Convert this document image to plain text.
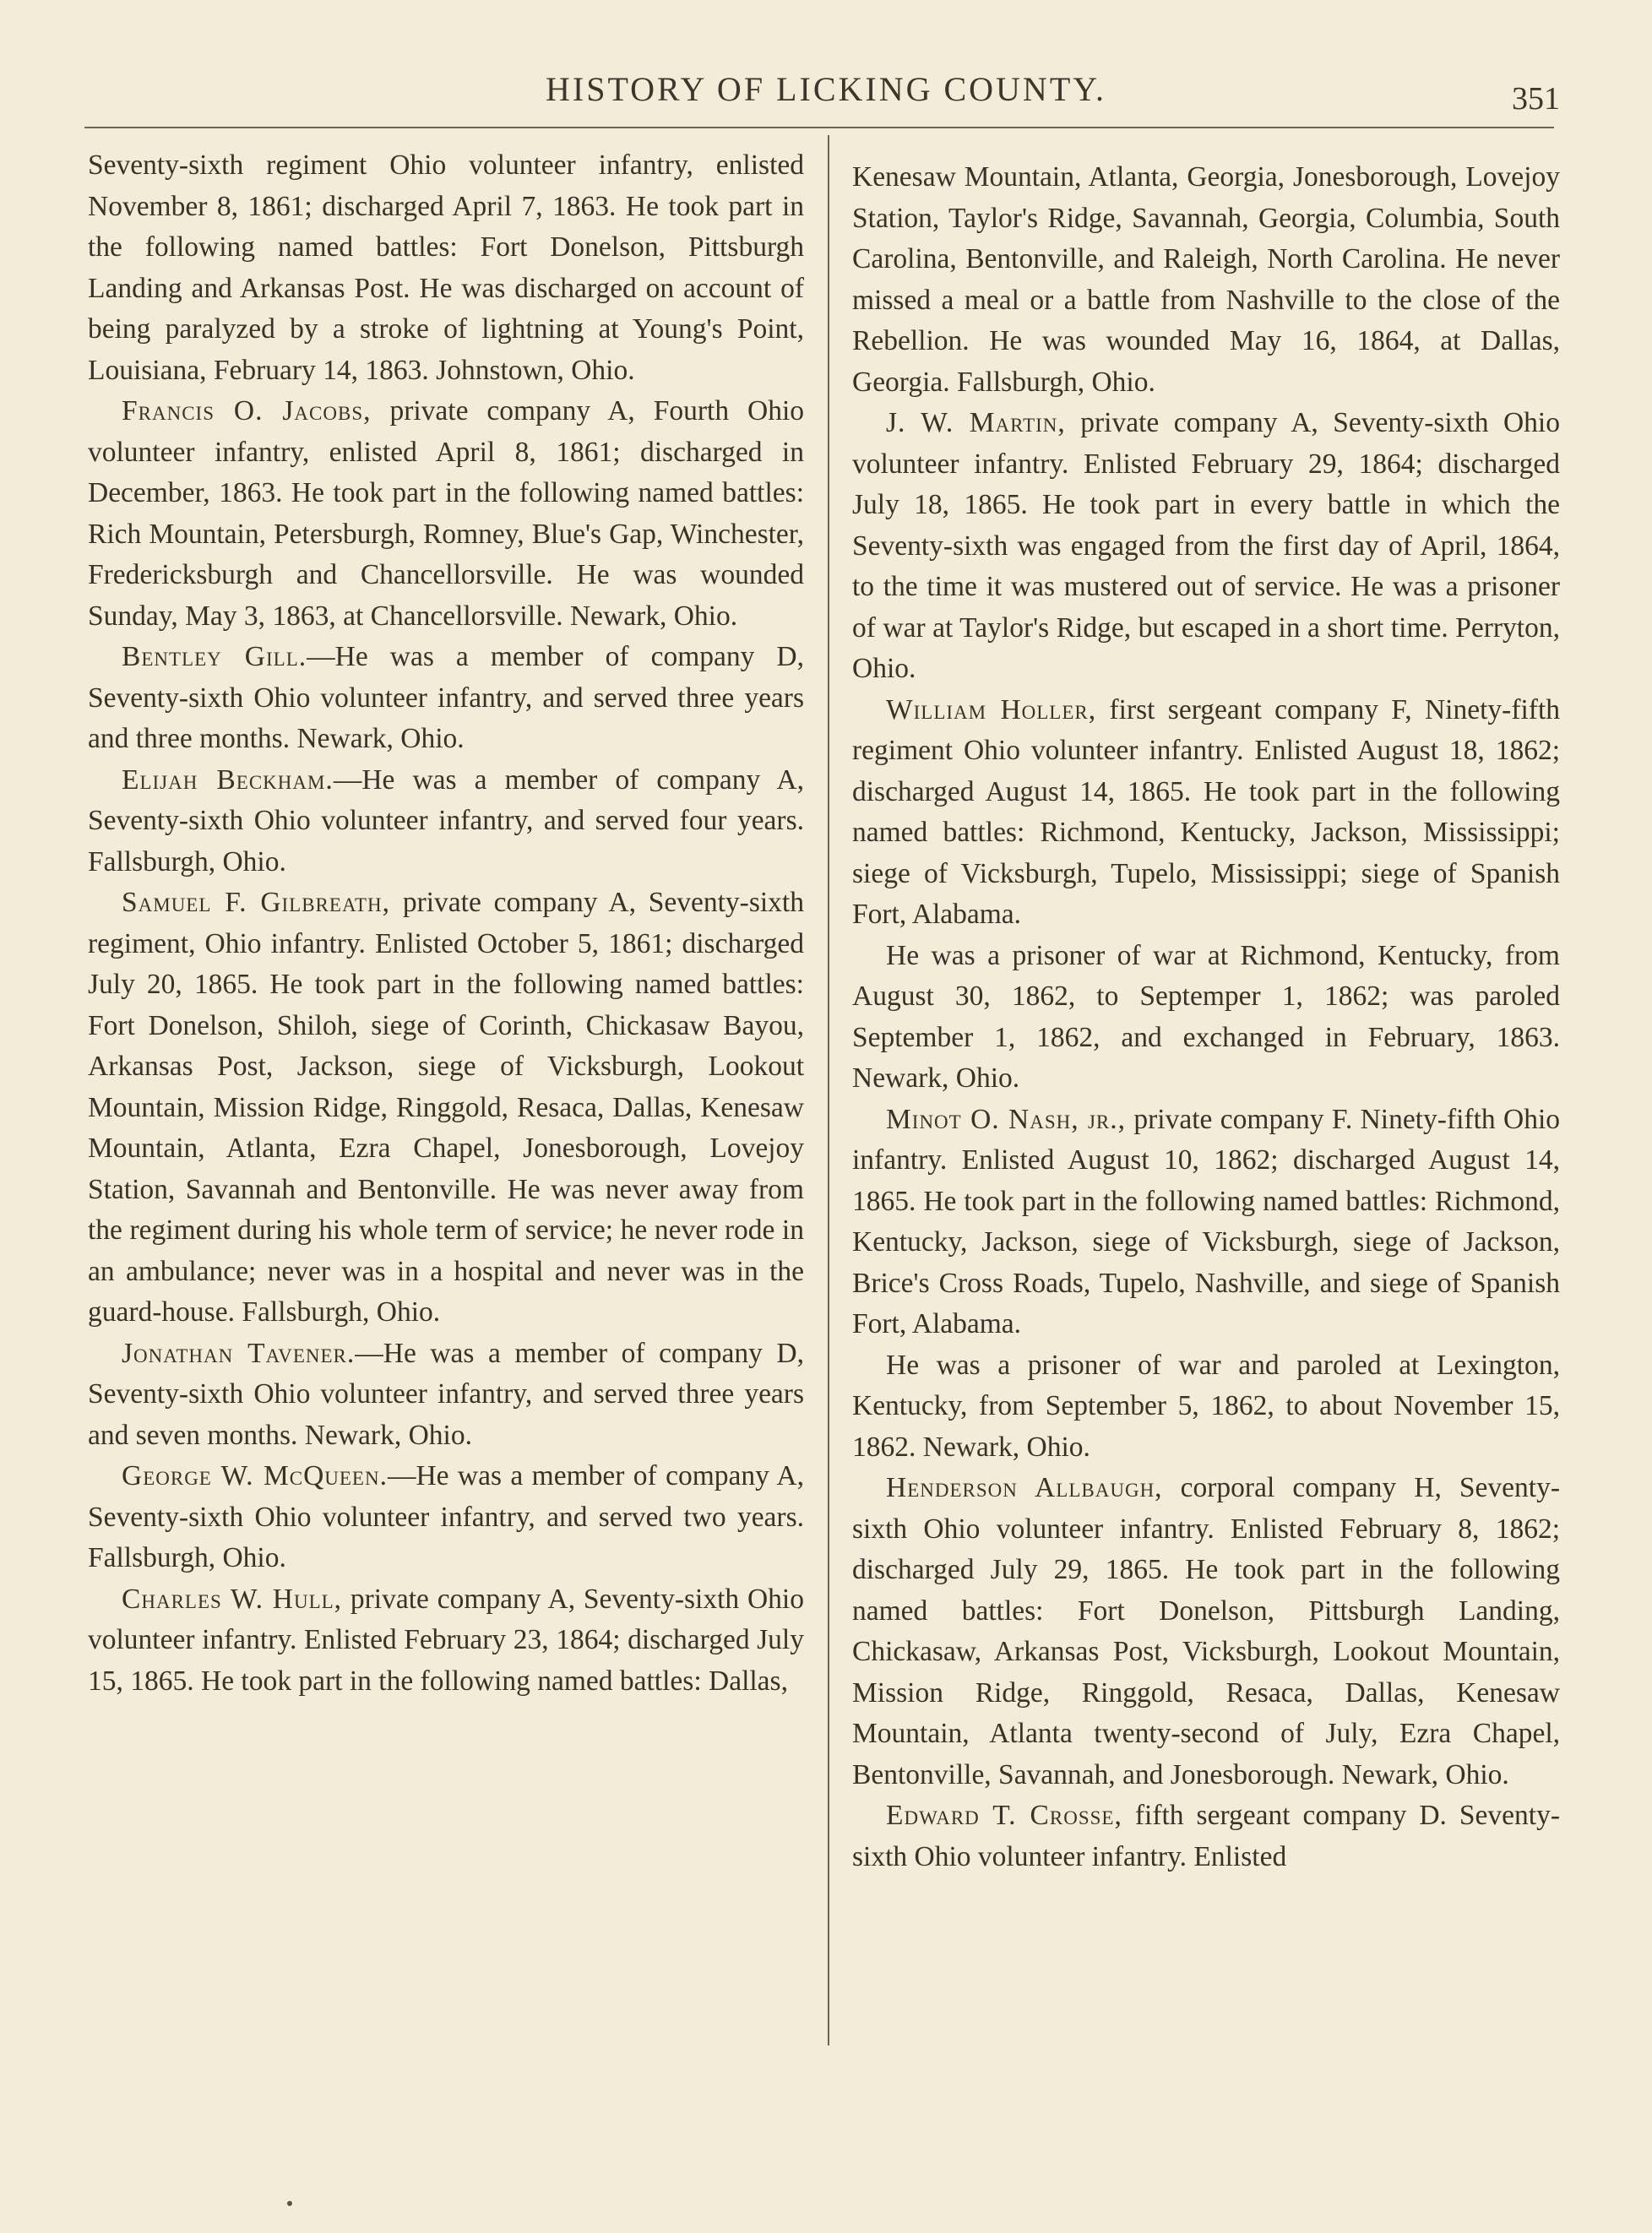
HISTORY OF LICKING COUNTY.	351

Seventy-sixth regiment Ohio volunteer infantry, enlisted November 8, 1861; discharged April 7, 1863. He took part in the following named battles: Fort Donelson, Pittsburgh Landing and Arkansas Post. He was discharged on account of being paralyzed by a stroke of lightning at Young's Point, Louisiana, February 14, 1863. Johnstown, Ohio.

Francis O. Jacobs, private company A, Fourth Ohio volunteer infantry, enlisted April 8, 1861; discharged in December, 1863. He took part in the following named battles: Rich Mountain, Petersburgh, Romney, Blue's Gap, Winchester, Fredericksburgh and Chancellorsville. He was wounded Sunday, May 3, 1863, at Chancellorsville. Newark, Ohio.

Bentley Gill.—He was a member of company D, Seventy-sixth Ohio volunteer infantry, and served three years and three months. Newark, Ohio.

Elijah Beckham.—He was a member of company A, Seventy-sixth Ohio volunteer infantry, and served four years. Fallsburgh, Ohio.

Samuel F. Gilbreath, private company A, Seventy-sixth regiment, Ohio infantry. Enlisted October 5, 1861; discharged July 20, 1865. He took part in the following named battles: Fort Donelson, Shiloh, siege of Corinth, Chickasaw Bayou, Arkansas Post, Jackson, siege of Vicksburgh, Lookout Mountain, Mission Ridge, Ringgold, Resaca, Dallas, Kenesaw Mountain, Atlanta, Ezra Chapel, Jonesborough, Lovejoy Station, Savannah and Bentonville. He was never away from the regiment during his whole term of service; he never rode in an ambulance; never was in a hospital and never was in the guard-house. Fallsburgh, Ohio.

Jonathan Tavener.—He was a member of company D, Seventy-sixth Ohio volunteer infantry, and served three years and seven months. Newark, Ohio.

George W. McQueen.—He was a member of company A, Seventy-sixth Ohio volunteer infantry, and served two years. Fallsburgh, Ohio.

Charles W. Hull, private company A, Seventy-sixth Ohio volunteer infantry. Enlisted February 23, 1864; discharged July 15, 1865. He took part in the following named battles: Dallas,

Kenesaw Mountain, Atlanta, Georgia, Jonesborough, Lovejoy Station, Taylor's Ridge, Savannah, Georgia, Columbia, South Carolina, Bentonville, and Raleigh, North Carolina. He never missed a meal or a battle from Nashville to the close of the Rebellion. He was wounded May 16, 1864, at Dallas, Georgia. Fallsburgh, Ohio.

J. W. Martin, private company A, Seventy-sixth Ohio volunteer infantry. Enlisted February 29, 1864; discharged July 18, 1865. He took part in every battle in which the Seventy-sixth was engaged from the first day of April, 1864, to the time it was mustered out of service. He was a prisoner of war at Taylor's Ridge, but escaped in a short time. Perryton, Ohio.

William Holler, first sergeant company F, Ninety-fifth regiment Ohio volunteer infantry. Enlisted August 18, 1862; discharged August 14, 1865. He took part in the following named battles: Richmond, Kentucky, Jackson, Mississippi; siege of Vicksburgh, Tupelo, Mississippi; siege of Spanish Fort, Alabama.

He was a prisoner of war at Richmond, Kentucky, from August 30, 1862, to Septemper 1, 1862; was paroled September 1, 1862, and exchanged in February, 1863. Newark, Ohio.

Minot O. Nash, jr., private company F. Ninety-fifth Ohio infantry. Enlisted August 10, 1862; discharged August 14, 1865. He took part in the following named battles: Richmond, Kentucky, Jackson, siege of Vicksburgh, siege of Jackson, Brice's Cross Roads, Tupelo, Nashville, and siege of Spanish Fort, Alabama.

He was a prisoner of war and paroled at Lexington, Kentucky, from September 5, 1862, to about November 15, 1862. Newark, Ohio.

Henderson Allbaugh, corporal company H, Seventy-sixth Ohio volunteer infantry. Enlisted February 8, 1862; discharged July 29, 1865. He took part in the following named battles: Fort Donelson, Pittsburgh Landing, Chickasaw, Arkansas Post, Vicksburgh, Lookout Mountain, Mission Ridge, Ringgold, Resaca, Dallas, Kenesaw Mountain, Atlanta twenty-second of July, Ezra Chapel, Bentonville, Savannah, and Jonesborough. Newark, Ohio.

Edward T. Crosse, fifth sergeant company D. Seventy-sixth Ohio volunteer infantry. Enlisted
